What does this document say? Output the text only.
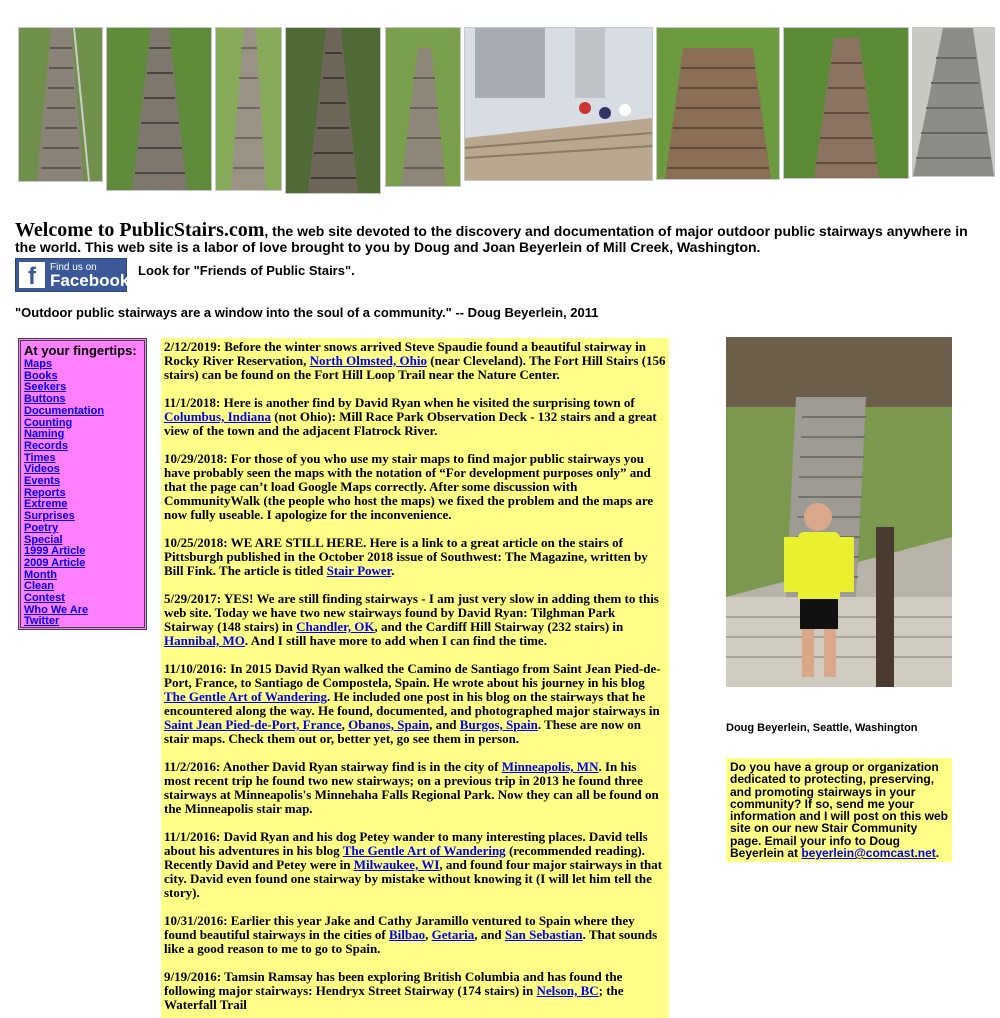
Welcome to PublicStairs.com, the web site devoted to the discovery and documentation of major outdoor public stairways anywhere in the world. This web site is a labor of love brought to you by Doug and Joan Beyerlein of Mill Creek, Washington.
f	Find us on
Facebook
Look for "Friends of Public Stairs".
"Outdoor public stairways are a window into the soul of a community." -- Doug Beyerlein, 2011
At your fingertips:
Maps
Books
Seekers
Buttons
Documentation
Counting
Naming
Records
Times
Videos
Events
Reports
Extreme
Surprises
Poetry
Special
1999 Article
2009 Article
Month
Clean
Contest
Who We Are
Twitter

2/12/2019: Before the winter snows arrived Steve Spaudie found a beautiful stairway in Rocky River Reservation, North Olmsted, Ohio (near Cleveland). The Fort Hill Stairs (156 stairs) can be found on the Fort Hill Loop Trail near the Nature Center.

11/1/2018: Here is another find by David Ryan when he visited the surprising town of Columbus, Indiana (not Ohio): Mill Race Park Observation Deck - 132 stairs and a great view of the town and the adjacent Flatrock River.

10/29/2018: For those of you who use my stair maps to find major public stairways you have probably seen the maps with the notation of “For development purposes only” and that the page can’t load Google Maps correctly. After some discussion with CommunityWalk (the people who host the maps) we fixed the problem and the maps are now fully useable. I apologize for the inconvenience.

10/25/2018: WE ARE STILL HERE. Here is a link to a great article on the stairs of Pittsburgh published in the October 2018 issue of Southwest: The Magazine, written by Bill Fink. The article is titled Stair Power.

5/29/2017: YES! We are still finding stairways - I am just very slow in adding them to this web site. Today we have two new stairways found by David Ryan: Tilghman Park Stairway (148 stairs) in Chandler, OK, and the Cardiff Hill Stairway (232 stairs) in Hannibal, MO. And I still have more to add when I can find the time.

11/10/2016: In 2015 David Ryan walked the Camino de Santiago from Saint Jean Pied-de-Port, France, to Santiago de Compostela, Spain. He wrote about his journey in his blog The Gentle Art of Wandering. He included one post in his blog on the stairways that he encountered along the way. He found, documented, and photographed major stairways in Saint Jean Pied-de-Port, France, Obanos, Spain, and Burgos, Spain. These are now on stair maps. Check them out or, better yet, go see them in person.

11/2/2016: Another David Ryan stairway find is in the city of Minneapolis, MN. In his most recent trip he found two new stairways; on a previous trip in 2013 he found three stairways at Minneapolis's Minnehaha Falls Regional Park. Now they can all be found on the Minneapolis stair map.

11/1/2016: David Ryan and his dog Petey wander to many interesting places. David tells about his adventures in his blog The Gentle Art of Wandering (recommended reading). Recently David and Petey were in Milwaukee, WI, and found four major stairways in that city. David even found one stairway by mistake without knowing it (I will let him tell the story).

10/31/2016: Earlier this year Jake and Cathy Jaramillo ventured to Spain where they found beautiful stairways in the cities of Bilbao, Getaria, and San Sebastian. That sounds like a good reason to me to go to Spain.

9/19/2016: Tamsin Ramsay has been exploring British Columbia and has found the following major stairways: Hendryx Street Stairway (174 stairs) in Nelson, BC; the Waterfall Trail

Doug Beyerlein, Seattle, Washington
Do you have a group or organization dedicated to protecting, preserving, and promoting stairways in your community? If so, send me your information and I will post on this web site on our new Stair Community page. Email your info to Doug Beyerlein at beyerlein@comcast.net.
